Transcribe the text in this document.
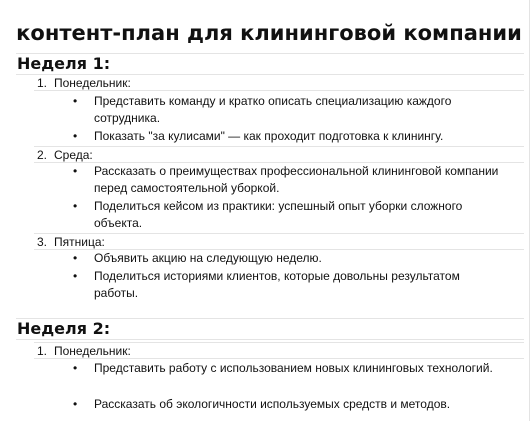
контент-план для клининговой компании
Неделя 1:
1. Понедельник:
•	Представить команду и кратко описать специализацию каждого сотрудника.
•	Показать "за кулисами" — как проходит подготовка к клинингу.
2. Среда:
•	Рассказать о преимуществах профессиональной клининговой компании перед самостоятельной уборкой.
•	Поделиться кейсом из практики: успешный опыт уборки сложного объекта.
3. Пятница:
•	Объявить акцию на следующую неделю.
•	Поделиться историями клиентов, которые довольны результатом работы.
Неделя 2:
1. Понедельник:
•	Представить работу с использованием новых клининговых технологий.
•	Рассказать об экологичности используемых средств и методов.
